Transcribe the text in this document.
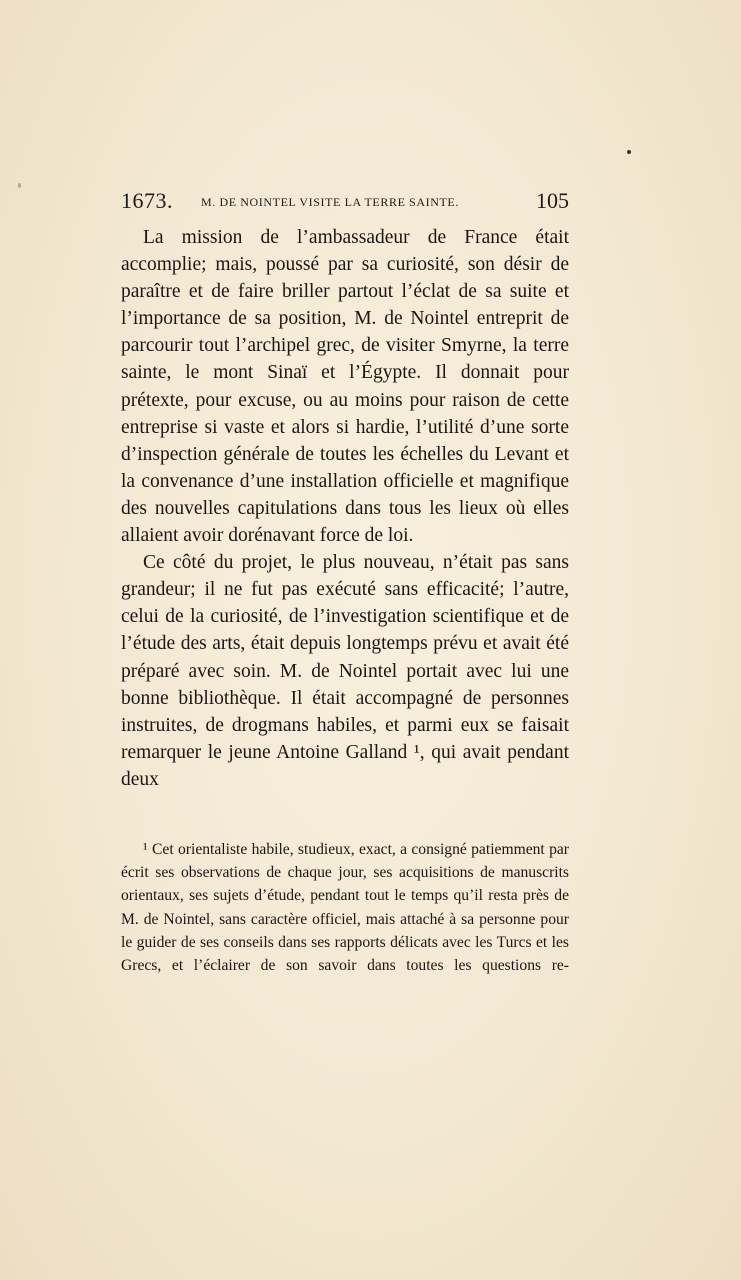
1673. M. DE NOINTEL VISITE LA TERRE SAINTE.	105

La mission de l’ambassadeur de France était accomplie; mais, poussé par sa curiosité, son désir de paraître et de faire briller partout l’éclat de sa suite et l’importance de sa position, M. de Nointel entreprit de parcourir tout l’archipel grec, de visiter Smyrne, la terre sainte, le mont Sinaï et l’Égypte. Il donnait pour prétexte, pour excuse, ou au moins pour raison de cette entreprise si vaste et alors si hardie, l’utilité d’une sorte d’inspection générale de toutes les échelles du Levant et la convenance d’une installation officielle et magnifique des nouvelles capitulations dans tous les lieux où elles allaient avoir dorénavant force de loi.

Ce côté du projet, le plus nouveau, n’était pas sans grandeur; il ne fut pas exécuté sans efficacité; l’autre, celui de la curiosité, de l’investigation scientifique et de l’étude des arts, était depuis longtemps prévu et avait été préparé avec soin. M. de Nointel portait avec lui une bonne bibliothèque. Il était accompagné de personnes instruites, de drogmans habiles, et parmi eux se faisait remarquer le jeune Antoine Galland ¹, qui avait pendant deux

¹ Cet orientaliste habile, studieux, exact, a consigné patiemment par écrit ses observations de chaque jour, ses acquisitions de manuscrits orientaux, ses sujets d’étude, pendant tout le temps qu’il resta près de M. de Nointel, sans caractère officiel, mais attaché à sa personne pour le guider de ses conseils dans ses rapports délicats avec les Turcs et les Grecs, et l’éclairer de son savoir dans toutes les questions re-
